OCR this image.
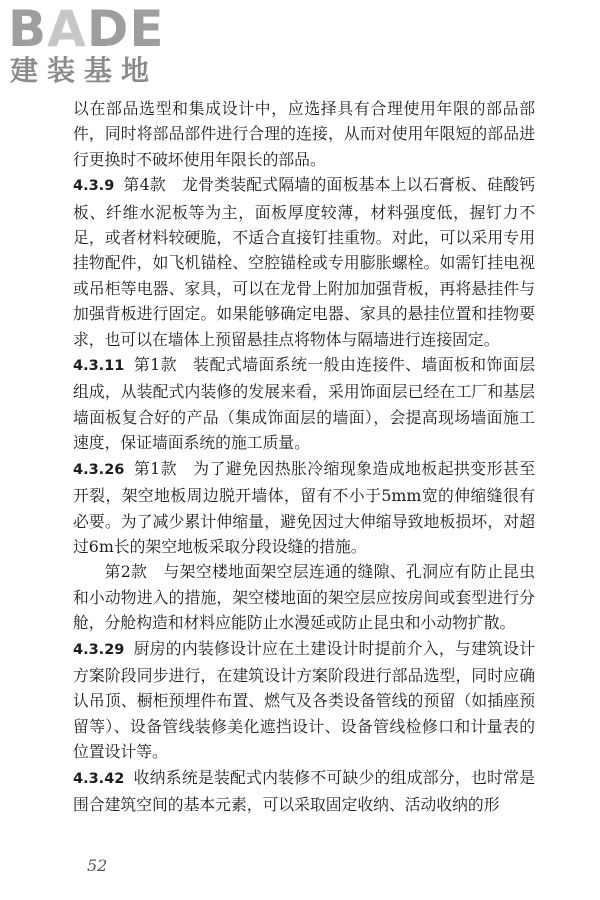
BADE
建装基地

以在部品选型和集成设计中，应选择具有合理使用年限的部品部件，同时将部品部件进行合理的连接，从而对使用年限短的部品进行更换时不破坏使用年限长的部品。

4.3.9 第4款　龙骨类装配式隔墙的面板基本上以石膏板、硅酸钙板、纤维水泥板等为主，面板厚度较薄，材料强度低，握钉力不足，或者材料较硬脆，不适合直接钉挂重物。对此，可以采用专用挂物配件，如飞机锚栓、空腔锚栓或专用膨胀螺栓。如需钉挂电视或吊柜等电器、家具，可以在龙骨上附加加强背板，再将悬挂件与加强背板进行固定。如果能够确定电器、家具的悬挂位置和挂物要求，也可以在墙体上预留悬挂点将物体与隔墙进行连接固定。

4.3.11 第1款　装配式墙面系统一般由连接件、墙面板和饰面层组成，从装配式内装修的发展来看，采用饰面层已经在工厂和基层墙面板复合好的产品（集成饰面层的墙面），会提高现场墙面施工速度，保证墙面系统的施工质量。

4.3.26 第1款　为了避免因热胀冷缩现象造成地板起拱变形甚至开裂，架空地板周边脱开墙体，留有不小于5mm宽的伸缩缝很有必要。为了减少累计伸缩量，避免因过大伸缩导致地板损坏，对超过6m长的架空地板采取分段设缝的措施。

第2款　与架空楼地面架空层连通的缝隙、孔洞应有防止昆虫和小动物进入的措施，架空楼地面的架空层应按房间或套型进行分舱，分舱构造和材料应能防止水漫延或防止昆虫和小动物扩散。

4.3.29 厨房的内装修设计应在土建设计时提前介入，与建筑设计方案阶段同步进行，在建筑设计方案阶段进行部品选型，同时应确认吊顶、橱柜预埋件布置、燃气及各类设备管线的预留（如插座预留等）、设备管线装修美化遮挡设计、设备管线检修口和计量表的位置设计等。

4.3.42 收纳系统是装配式内装修不可缺少的组成部分，也时常是围合建筑空间的基本元素，可以采取固定收纳、活动收纳的形

52
